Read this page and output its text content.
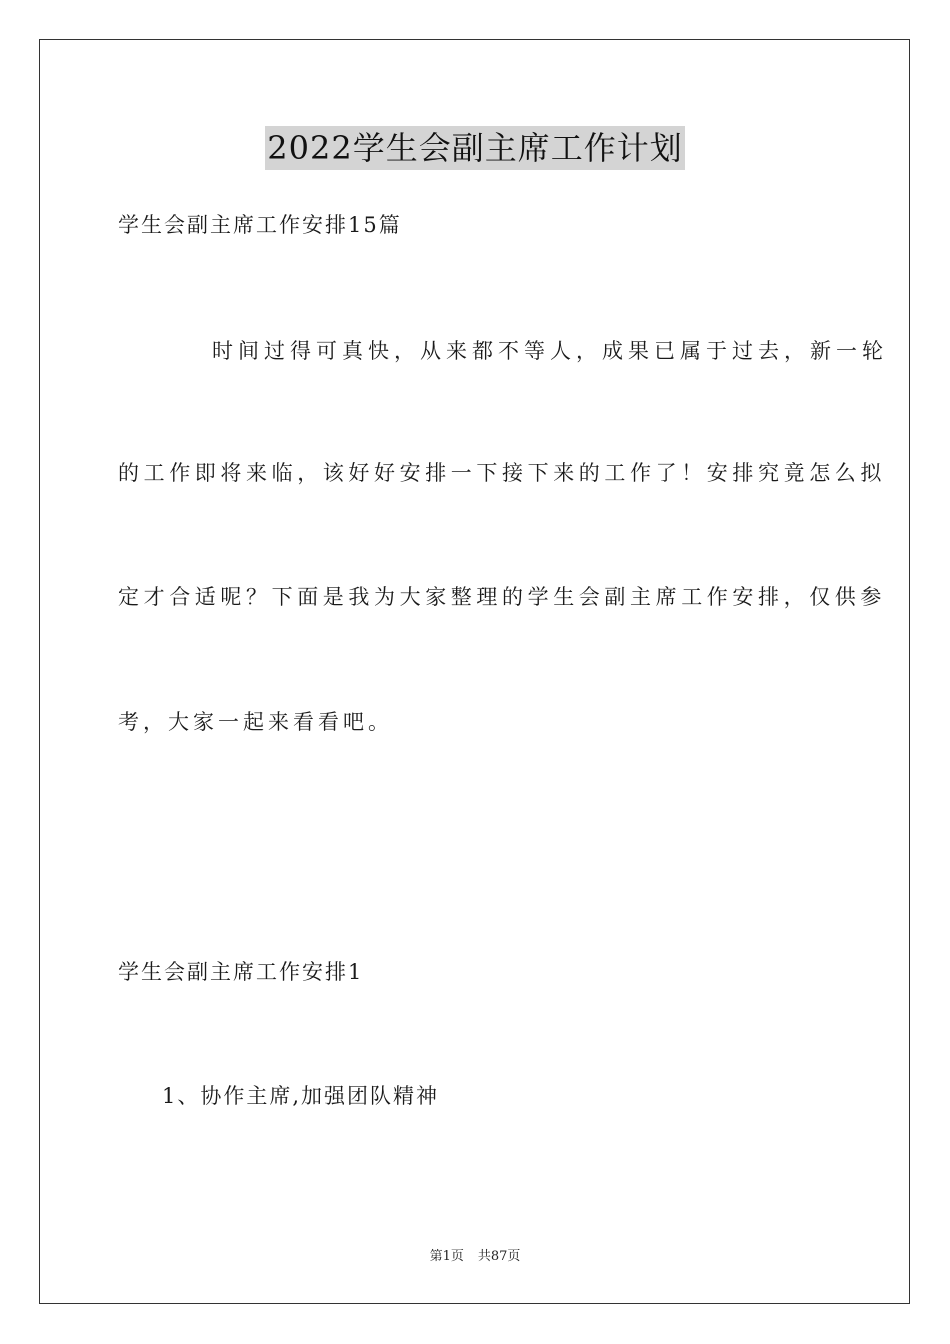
2022学生会副主席工作计划
学生会副主席工作安排15篇
时间过得可真快，从来都不等人，成果已属于过去，新一轮
的工作即将来临，该好好安排一下接下来的工作了！安排究竟怎么拟
定才合适呢？下面是我为大家整理的学生会副主席工作安排，仅供参
考，大家一起来看看吧。
学生会副主席工作安排1
1、协作主席,加强团队精神
第1页 共87页
